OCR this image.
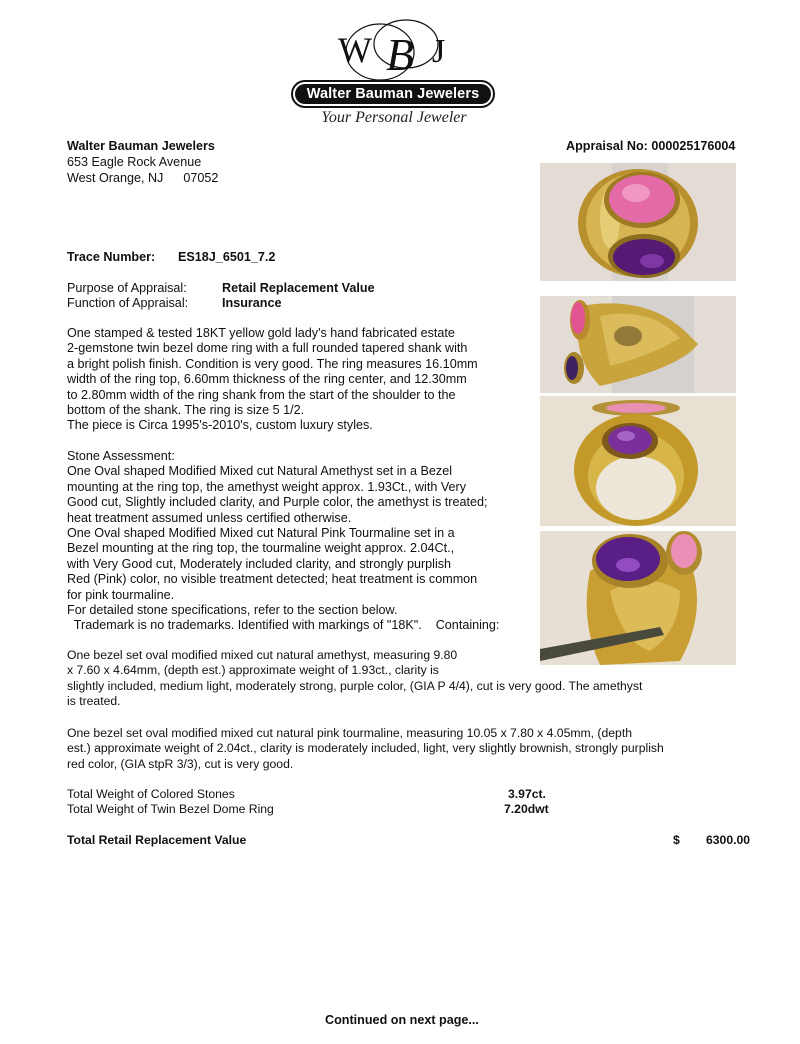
W B J
Walter Bauman Jewelers
Your Personal Jeweler
Walter Bauman Jewelers
653 Eagle Rock Avenue
West Orange, NJ 07052
Appraisal No: 000025176004
Trace Number: ES18J_6501_7.2
Purpose of Appraisal:	Retail Replacement Value
Function of Appraisal:	Insurance
One stamped & tested 18KT yellow gold lady's hand fabricated estate
2-gemstone twin bezel dome ring with a full rounded tapered shank with
a bright polish finish. Condition is very good. The ring measures 16.10mm
width of the ring top, 6.60mm thickness of the ring center, and 12.30mm
to 2.80mm width of the ring shank from the start of the shoulder to the
bottom of the shank. The ring is size 5 1/2.
The piece is Circa 1995's-2010's, custom luxury styles.
Stone Assessment:
One Oval shaped Modified Mixed cut Natural Amethyst set in a Bezel
mounting at the ring top, the amethyst weight approx. 1.93Ct., with Very
Good cut, Slightly included clarity, and Purple color, the amethyst is treated;
heat treatment assumed unless certified otherwise.
One Oval shaped Modified Mixed cut Natural Pink Tourmaline set in a
Bezel mounting at the ring top, the tourmaline weight approx. 2.04Ct.,
with Very Good cut, Moderately included clarity, and strongly purplish
Red (Pink) color, no visible treatment detected; heat treatment is common
for pink tourmaline.
For detailed stone specifications, refer to the section below.
Trademark is no trademarks. Identified with markings of "18K".    Containing:
One bezel set oval modified mixed cut natural amethyst, measuring 9.80
x 7.60 x 4.64mm, (depth est.) approximate weight of 1.93ct., clarity is
slightly included, medium light, moderately strong, purple color, (GIA P 4/4), cut is very good. The amethyst
is treated.
One bezel set oval modified mixed cut natural pink tourmaline, measuring 10.05 x 7.80 x 4.05mm, (depth
est.) approximate weight of 2.04ct., clarity is moderately included, light, very slightly brownish, strongly purplish
red color, (GIA stpR 3/3), cut is very good.
Total Weight of Colored Stones	3.97ct.
Total Weight of Twin Bezel Dome Ring	7.20dwt
Total Retail Replacement Value	$ 6300.00
Continued on next page...
